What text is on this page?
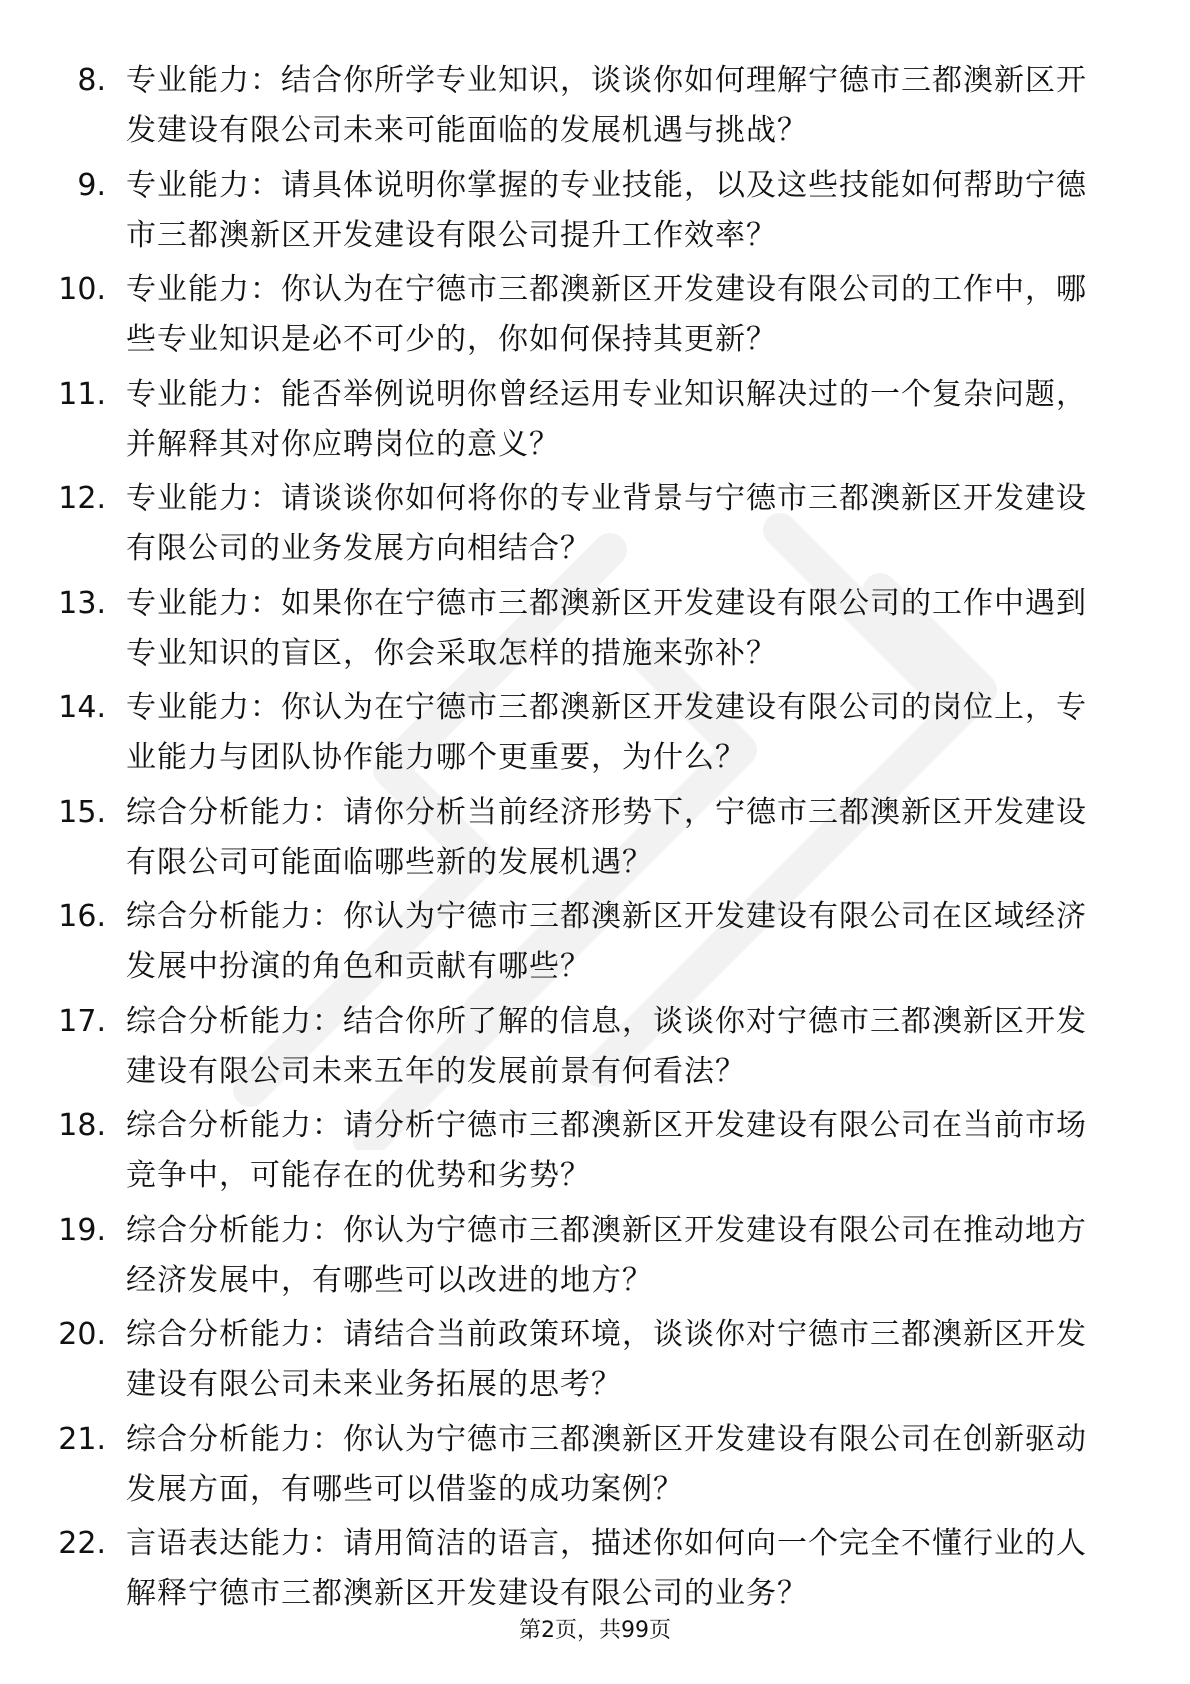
8. 专业能力：结合你所学专业知识，谈谈你如何理解宁德市三都澳新区开发建设有限公司未来可能面临的发展机遇与挑战？
9. 专业能力：请具体说明你掌握的专业技能，以及这些技能如何帮助宁德市三都澳新区开发建设有限公司提升工作效率？
10. 专业能力：你认为在宁德市三都澳新区开发建设有限公司的工作中，哪些专业知识是必不可少的，你如何保持其更新？
11. 专业能力：能否举例说明你曾经运用专业知识解决过的一个复杂问题，并解释其对你应聘岗位的意义？
12. 专业能力：请谈谈你如何将你的专业背景与宁德市三都澳新区开发建设有限公司的业务发展方向相结合？
13. 专业能力：如果你在宁德市三都澳新区开发建设有限公司的工作中遇到专业知识的盲区，你会采取怎样的措施来弥补？
14. 专业能力：你认为在宁德市三都澳新区开发建设有限公司的岗位上，专业能力与团队协作能力哪个更重要，为什么？
15. 综合分析能力：请你分析当前经济形势下，宁德市三都澳新区开发建设有限公司可能面临哪些新的发展机遇？
16. 综合分析能力：你认为宁德市三都澳新区开发建设有限公司在区域经济发展中扮演的角色和贡献有哪些？
17. 综合分析能力：结合你所了解的信息，谈谈你对宁德市三都澳新区开发建设有限公司未来五年的发展前景有何看法？
18. 综合分析能力：请分析宁德市三都澳新区开发建设有限公司在当前市场竞争中，可能存在的优势和劣势？
19. 综合分析能力：你认为宁德市三都澳新区开发建设有限公司在推动地方经济发展中，有哪些可以改进的地方？
20. 综合分析能力：请结合当前政策环境，谈谈你对宁德市三都澳新区开发建设有限公司未来业务拓展的思考？
21. 综合分析能力：你认为宁德市三都澳新区开发建设有限公司在创新驱动发展方面，有哪些可以借鉴的成功案例？
22. 言语表达能力：请用简洁的语言，描述你如何向一个完全不懂行业的人解释宁德市三都澳新区开发建设有限公司的业务？
第2页，共99页
